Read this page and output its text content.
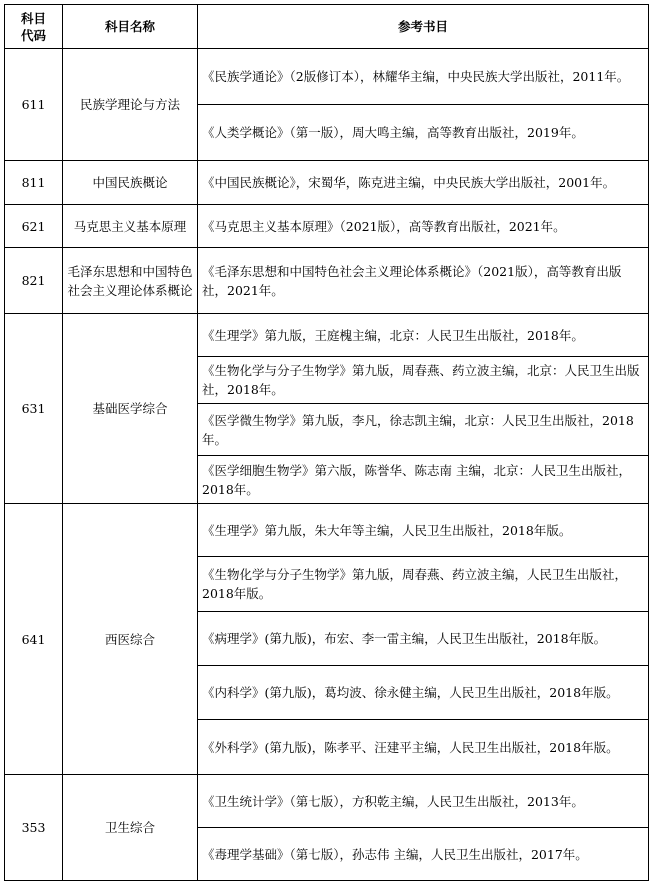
科目代码	科目名称	参考书目
611	民族学理论与方法	《民族学通论》（2版修订本），林耀华主编，中央民族大学出版社，2011年。
		《人类学概论》（第一版），周大鸣主编，高等教育出版社，2019年。
811	中国民族概论	《中国民族概论》，宋蜀华，陈克进主编，中央民族大学出版社，2001年。
621	马克思主义基本原理	《马克思主义基本原理》（2021版），高等教育出版社，2021年。
821	毛泽东思想和中国特色社会主义理论体系概论	《毛泽东思想和中国特色社会主义理论体系概论》（2021版），高等教育出版社，2021年。
631	基础医学综合	《生理学》第九版，王庭槐主编，北京：人民卫生出版社，2018年。
		《生物化学与分子生物学》第九版，周春燕、药立波主编，北京：人民卫生出版社，2018年。
		《医学微生物学》第九版，李凡，徐志凯主编，北京：人民卫生出版社，2018年。
		《医学细胞生物学》第六版，陈誉华、陈志南 主编，北京：人民卫生出版社，2018年。
641	西医综合	《生理学》第九版，朱大年等主编，人民卫生出版社，2018年版。
		《生物化学与分子生物学》第九版，周春燕、药立波主编，人民卫生出版社，2018年版。
		《病理学》(第九版)，布宏、李一雷主编，人民卫生出版社，2018年版。
		《内科学》(第九版)，葛均波、徐永健主编，人民卫生出版社，2018年版。
		《外科学》(第九版)，陈孝平、汪建平主编，人民卫生出版社，2018年版。
353	卫生综合	《卫生统计学》（第七版），方积乾主编，人民卫生出版社，2013年。
		《毒理学基础》（第七版），孙志伟 主编，人民卫生出版社，2017年。
